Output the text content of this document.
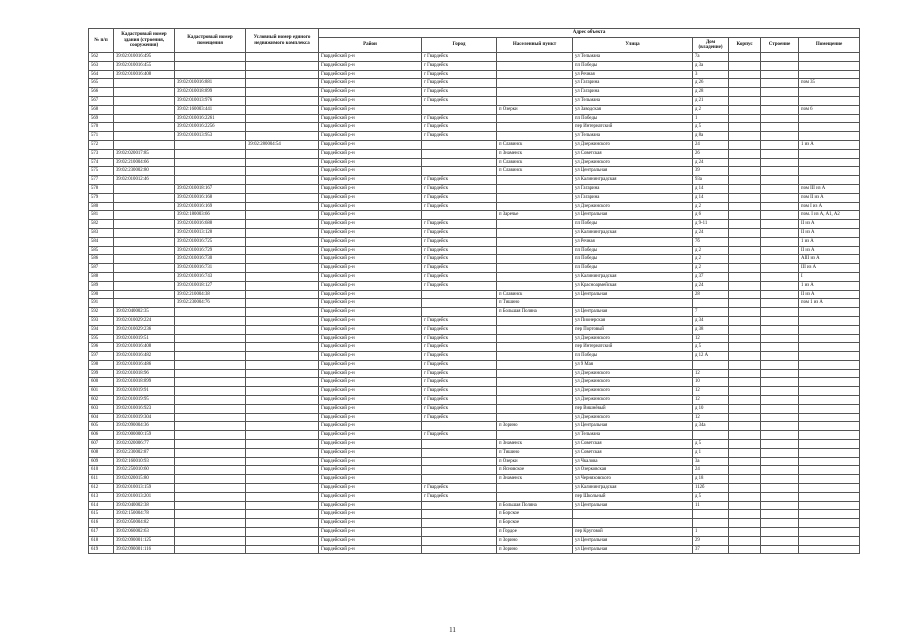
№ п/п	Кадастровый номер здания (строения, сооружения)	Кадастровый номер помещения	Условный номер единого недвижимого комплекса	Адрес объекта							
				Район	Город	Населенный пункт	Улица	Дом (владение)	Корпус	Строение	Помещение
562	39:02:010016:495			Гвардейский р-н	г Гвардейск		ул Тельмана	7а			
563	39:02:010016:455			Гвардейский р-н	г Гвардейск		пл Победы	д 3а			
564	39:02:010016:408			Гвардейский р-н	г Гвардейск		ул Речная	3			
565		39:02:010016:881		Гвардейский р-н	г Гвардейск		ул Гагарина	д 26			пом 35
566		39:02:010018:899		Гвардейский р-н	г Гвардейск		ул Гагарина	д 28			
567		39:02:010013:976		Гвардейский р-н	г Гвардейск		ул Тельмана	д 21			
568		39:02:160003:441		Гвардейский р-н		п Озерки	ул Заводская	д 2			пом 6
569		39:02:010016:2261		Гвардейский р-н	г Гвардейск		пл Победы	1			
570		39:02:010016:2256		Гвардейский р-н	г Гвардейск		пер Интернатский	д 5			
571		39:02:010013:953		Гвардейский р-н	г Гвардейск		ул Тельмана	д 8а			
572			39:02:280004:54	Гвардейский р-н		п Славинск	ул Дзержинского	24			1 из А
573	39:02:020017:85			Гвардейский р-н		п Знаменск	ул Советская	26			
574	39:02:210004:66			Гвардейский р-н		п Славинск	ул Дзержинского	д 24			
575	39:02:230002:80			Гвардейский р-н		п Славинск	ул Центральная	39			
577	39:02:010012:46			Гвардейский р-н	г Гвардейск		ул Калининградская	93а			
578		39:02:010018:167		Гвардейский р-н	г Гвардейск		ул Гагарина	д 14			пом III из А
579		39:02:010016:168		Гвардейский р-н	г Гвардейск		ул Гагарина	д 14			пом II из А
580		39:02:010016:169		Гвардейский р-н	г Гвардейск		ул Дзержинского	д 2			пом I из А
581		39:02:180003:66		Гвардейский р-н		п Заречье	ул Центральная	д 6			пом. I из А, А1, А2
582		39:02:010016:688		Гвардейский р-н	г Гвардейск		пл Победы	д 9-11			II из А
583		39:02:010013:128		Гвардейский р-н	г Гвардейск		ул Калининградская	д 24			II из А
584		39:02:010016:725		Гвардейский р-н	г Гвардейск		ул Речная	7б			1 из А
585		39:02:010016:729		Гвардейский р-н	г Гвардейск		пл Победы	д 2			II из А
586		39:02:010016:730		Гвардейский р-н	г Гвардейск		пл Победы	д 2			АIII из А
587		39:02:010016:731		Гвардейский р-н	г Гвардейск		пл Победы	д 2			III из А
588		39:02:010016:743		Гвардейский р-н	г Гвардейск		ул Калининградская	д 37			I
589		39:02:010018:127		Гвардейский р-н	г Гвардейск		ул Красноармейская	д 24			1 из А
590		39:02:210004:38		Гвардейский р-н		п Славинск	ул Центральная	28			II из А
591		39:02:230004:76		Гвардейский р-н		п Тишино					пом 1 из А
592	39:02:040002:35			Гвардейский р-н		п Большая Поляна	ул Центральная	7			
593	39:02:010029:224			Гвардейский р-н	г Гвардейск		ул Пионерская	д 34			
594	39:02:010029:236			Гвардейский р-н	г Гвардейск		пер Портовый	д 38			
595	39:02:010019:51			Гвардейский р-н	г Гвардейск		ул Дзержинского	12			
596	39:02:010016:408			Гвардейский р-н	г Гвардейск		пер Интернатский	д 5			
597	39:02:010016:482			Гвардейский р-н	г Гвардейск		пл Победы	д 12 А			
598	39:02:010016:486			Гвардейский р-н	г Гвардейск		ул 9 Мая				
599	39:02:010018:96			Гвардейский р-н	г Гвардейск		ул Дзержинского	12			
600	39:02:010018:899			Гвардейский р-н	г Гвардейск		ул Дзержинского	10			
601	39:02:010019:91			Гвардейский р-н	г Гвардейск		ул Дзержинского	12			
602	39:02:010019:95			Гвардейский р-н	г Гвардейск		ул Дзержинского	12			
603	39:02:010016:923			Гвардейский р-н	г Гвардейск		пер Вишнёвый	д 10			
604	39:02:010019:304			Гвардейский р-н	г Гвардейск		ул Дзержинского	12			
605	39:02:090004:36			Гвардейский р-н		п Зорино	ул Центральная	д 34а			
606	39:02:000000:159			Гвардейский р-н	г Гвардейск		ул Тельмана				
607	39:02:020006:77			Гвардейский р-н		п Знаменск	ул Советская	д 5			
608	39:02:230002:87			Гвардейский р-н		п Тишино	ул Советская	д 1			
609	39:02:160010:93			Гвардейский р-н		п Озерки	ул Чкалова	3а			
610	39:02:250010:60			Гвардейский р-н		п Ясновское	ул Озерковская	24			
611	39:02:020015:80			Гвардейский р-н		п Знаменск	ул Черняховского	д 18			
612	39:02:010013:159			Гвардейский р-н	г Гвардейск		ул Калининградская	112б			
613	39:02:010013:201			Гвардейский р-н	г Гвардейск		пер Школьный	д 5			
614	39:02:040002:38			Гвардейский р-н		п Большая Поляна	ул Центральная	11			
615	39:02:150004:78			Гвардейский р-н		п Борское					
616	39:02:050004:82			Гвардейский р-н		п Борское					
617	39:02:060002:63			Гвардейский р-н		п Гордое	пер Круговой	1			
618	39:02:090001:125			Гвардейский р-н		п Зорино	ул Центральная	29			
619	39:02:090001:116			Гвардейский р-н		п Зорино	ул Центральная	37			
11
